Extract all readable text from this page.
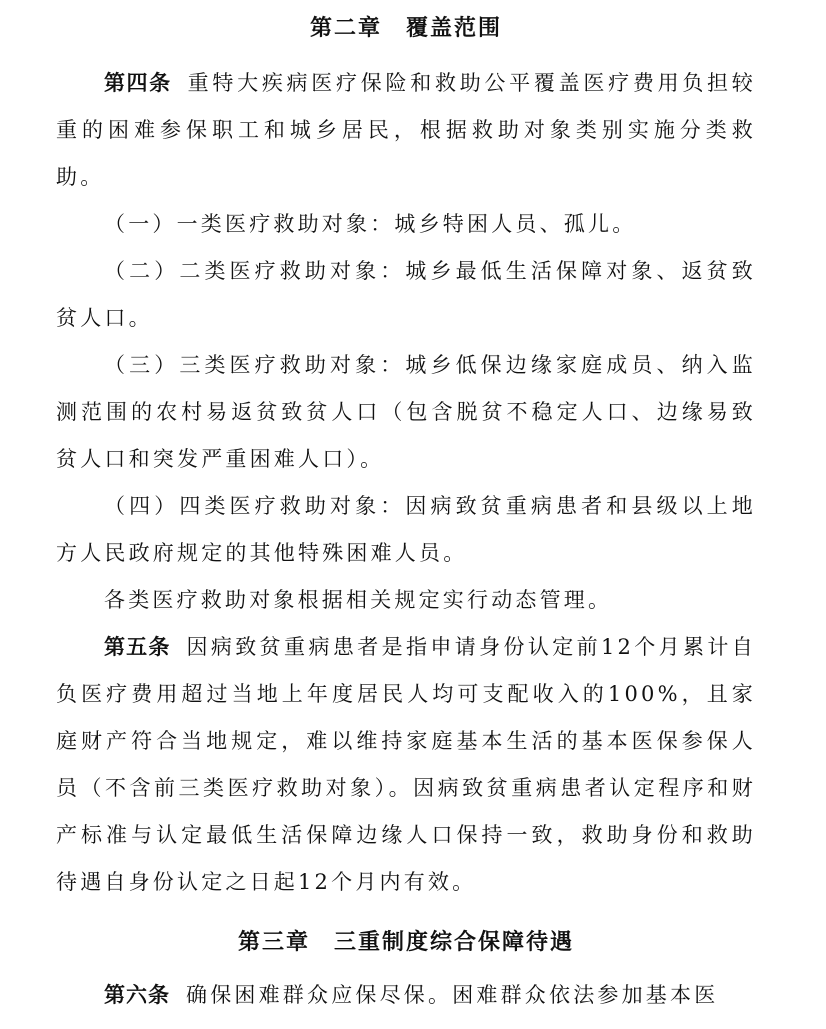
第二章　覆盖范围

第四条 重特大疾病医疗保险和救助公平覆盖医疗费用负担较重的困难参保职工和城乡居民，根据救助对象类别实施分类救助。

（一）一类医疗救助对象：城乡特困人员、孤儿。

（二）二类医疗救助对象：城乡最低生活保障对象、返贫致贫人口。

（三）三类医疗救助对象：城乡低保边缘家庭成员、纳入监测范围的农村易返贫致贫人口（包含脱贫不稳定人口、边缘易致贫人口和突发严重困难人口）。

（四）四类医疗救助对象：因病致贫重病患者和县级以上地方人民政府规定的其他特殊困难人员。

各类医疗救助对象根据相关规定实行动态管理。

第五条 因病致贫重病患者是指申请身份认定前12个月累计自负医疗费用超过当地上年度居民人均可支配收入的100%，且家庭财产符合当地规定，难以维持家庭基本生活的基本医保参保人员（不含前三类医疗救助对象）。因病致贫重病患者认定程序和财产标准与认定最低生活保障边缘人口保持一致，救助身份和救助待遇自身份认定之日起12个月内有效。

第三章　三重制度综合保障待遇

第六条 确保困难群众应保尽保。困难群众依法参加基本医
